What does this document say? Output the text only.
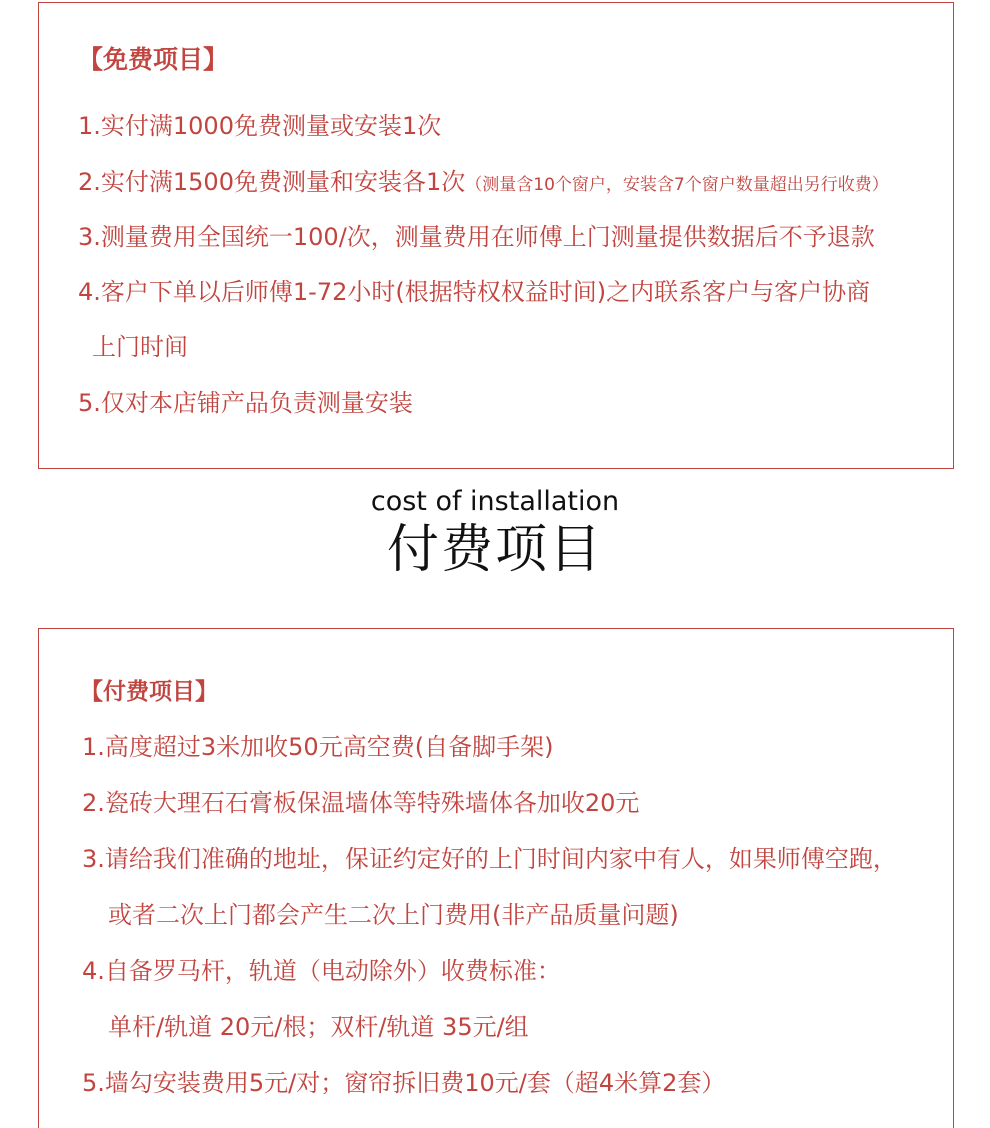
【免费项目】
1.实付满1000免费测量或安装1次
2.实付满1500免费测量和安装各1次（测量含10个窗户，安装含7个窗户数量超出另行收费）
3.测量费用全国统一100/次，测量费用在师傅上门测量提供数据后不予退款
4.客户下单以后师傅1-72小时(根据特权权益时间)之内联系客户与客户协商
上门时间
5.仅对本店铺产品负责测量安装
cost of installation
付费项目
【付费项目】
1.高度超过3米加收50元高空费(自备脚手架)
2.瓷砖大理石石膏板保温墙体等特殊墙体各加收20元
3.请给我们准确的地址，保证约定好的上门时间内家中有人，如果师傅空跑，
或者二次上门都会产生二次上门费用(非产品质量问题)
4.自备罗马杆，轨道（电动除外）收费标准：
单杆/轨道 20元/根；双杆/轨道 35元/组
5.墙勾安装费用5元/对；窗帘拆旧费10元/套（超4米算2套）
